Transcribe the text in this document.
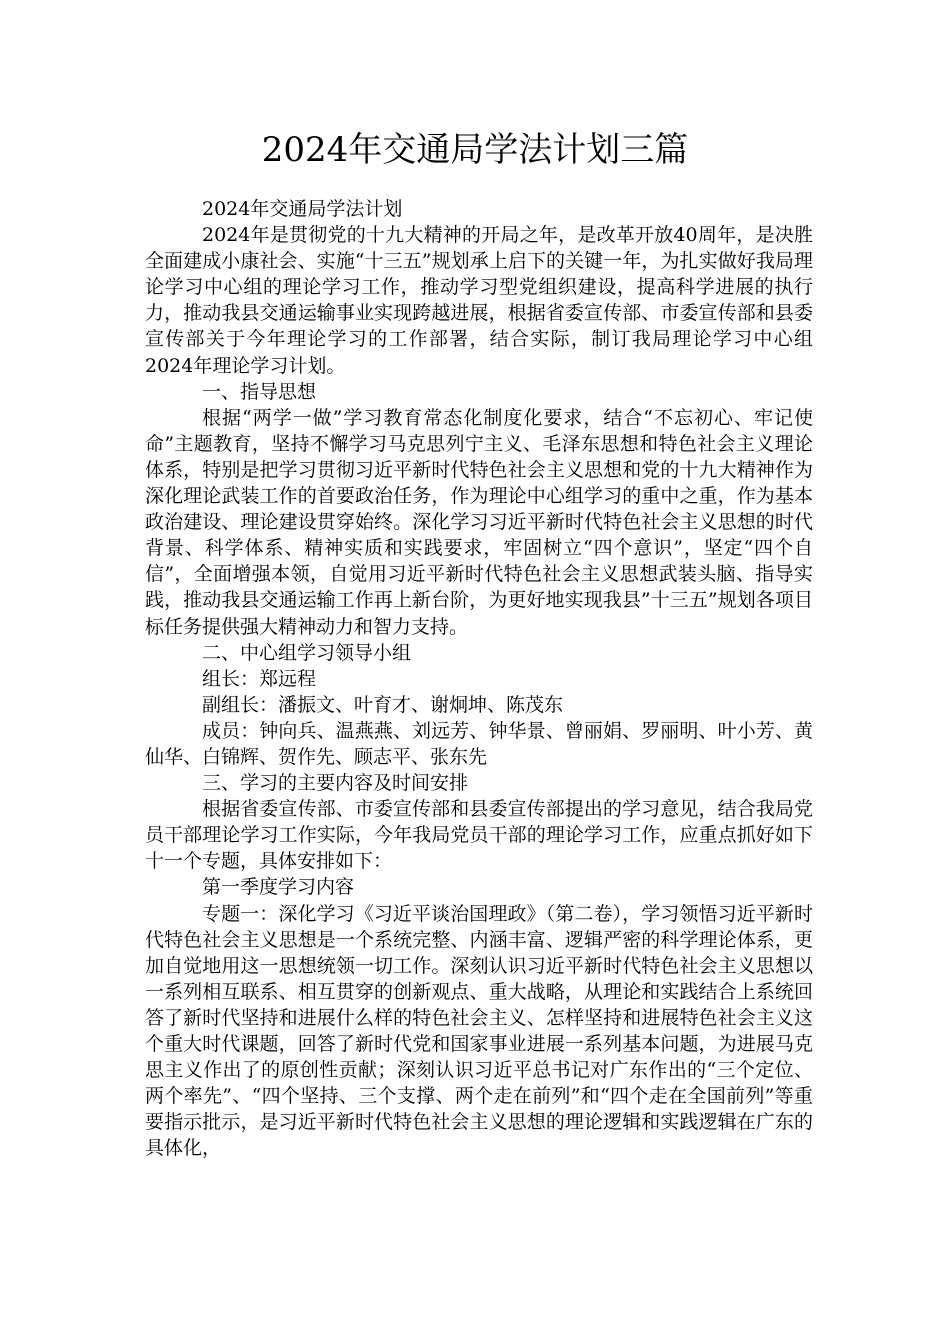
2024年交通局学法计划三篇

2024年交通局学法计划

2024年是贯彻党的十九大精神的开局之年，是改革开放40周年，是决胜全面建成小康社会、实施“十三五”规划承上启下的关键一年，为扎实做好我局理论学习中心组的理论学习工作，推动学习型党组织建设，提高科学进展的执行力，推动我县交通运输事业实现跨越进展，根据省委宣传部、市委宣传部和县委宣传部关于今年理论学习的工作部署，结合实际，制订我局理论学习中心组2024年理论学习计划。

一、指导思想

根据“两学一做”学习教育常态化制度化要求，结合“不忘初心、牢记使命”主题教育，坚持不懈学习马克思列宁主义、毛泽东思想和特色社会主义理论体系，特别是把学习贯彻习近平新时代特色社会主义思想和党的十九大精神作为深化理论武装工作的首要政治任务，作为理论中心组学习的重中之重，作为基本政治建设、理论建设贯穿始终。深化学习习近平新时代特色社会主义思想的时代背景、科学体系、精神实质和实践要求，牢固树立“四个意识”，坚定“四个自信”，全面增强本领，自觉用习近平新时代特色社会主义思想武装头脑、指导实践，推动我县交通运输工作再上新台阶，为更好地实现我县”十三五”规划各项目标任务提供强大精神动力和智力支持。

二、中心组学习领导小组

组长：郑远程

副组长：潘振文、叶育才、谢炯坤、陈茂东

成员：钟向兵、温燕燕、刘远芳、钟华景、曾丽娟、罗丽明、叶小芳、黄仙华、白锦辉、贺作先、顾志平、张东先

三、学习的主要内容及时间安排

根据省委宣传部、市委宣传部和县委宣传部提出的学习意见，结合我局党员干部理论学习工作实际，今年我局党员干部的理论学习工作，应重点抓好如下十一个专题，具体安排如下：

第一季度学习内容

专题一：深化学习《习近平谈治国理政》（第二卷），学习领悟习近平新时代特色社会主义思想是一个系统完整、内涵丰富、逻辑严密的科学理论体系，更加自觉地用这一思想统领一切工作。深刻认识习近平新时代特色社会主义思想以一系列相互联系、相互贯穿的创新观点、重大战略，从理论和实践结合上系统回答了新时代坚持和进展什么样的特色社会主义、怎样坚持和进展特色社会主义这个重大时代课题，回答了新时代党和国家事业进展一系列基本问题，为进展马克思主义作出了的原创性贡献；深刻认识习近平总书记对广东作出的“三个定位、两个率先”、“四个坚持、三个支撑、两个走在前列”和“四个走在全国前列”等重要指示批示，是习近平新时代特色社会主义思想的理论逻辑和实践逻辑在广东的具体化，
